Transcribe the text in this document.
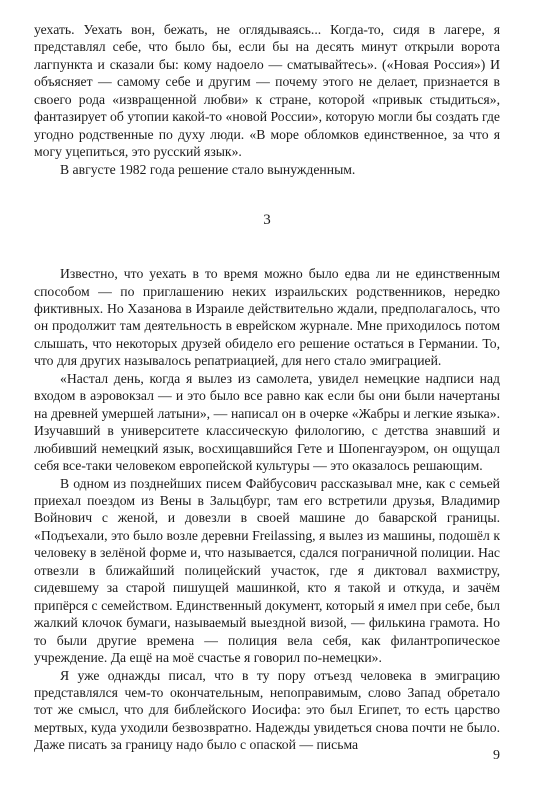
уехать. Уехать вон, бежать, не оглядываясь... Когда-то, сидя в лагере, я представлял себе, что было бы, если бы на десять минут открыли ворота лагпункта и сказали бы: кому надоело — сматывайтесь». («Новая Россия») И объясняет — самому себе и другим — почему этого не делает, признается в своего рода «извращенной любви» к стране, которой «привык стыдиться», фантазирует об утопии какой-то «новой России», которую могли бы создать где угодно родственные по духу люди. «В море обломков единственное, за что я могу уцепиться, это русский язык».

В августе 1982 года решение стало вынужденным.

3

Известно, что уехать в то время можно было едва ли не единственным способом — по приглашению неких израильских родственников, нередко фиктивных. Но Хазанова в Израиле действительно ждали, предполагалось, что он продолжит там деятельность в еврейском журнале. Мне приходилось потом слышать, что некоторых друзей обидело его решение остаться в Германии. То, что для других называлось репатриацией, для него стало эмиграцией.

«Настал день, когда я вылез из самолета, увидел немецкие надписи над входом в аэровокзал — и это было все равно как если бы они были начертаны на древней умершей латыни», — написал он в очерке «Жабры и легкие языка». Изучавший в университете классическую филологию, с детства знавший и любивший немецкий язык, восхищавшийся Гете и Шопенгауэром, он ощущал себя все-таки человеком европейской культуры — это оказалось решающим.

В одном из позднейших писем Файбусович рассказывал мне, как с семьей приехал поездом из Вены в Зальцбург, там его встретили друзья, Владимир Войнович с женой, и довезли в своей машине до баварской границы. «Подъехали, это было возле деревни Freilassing, я вылез из машины, подошёл к человеку в зелёной форме и, что называется, сдался пограничной полиции. Нас отвезли в ближайший полицейский участок, где я диктовал вахмистру, сидевшему за старой пишущей машинкой, кто я такой и откуда, и зачём припёрся с семейством. Единственный документ, который я имел при себе, был жалкий клочок бумаги, называемый выездной визой, — филькина грамота. Но то были другие времена — полиция вела себя, как филантропическое учреждение. Да ещё на моё счастье я говорил по-немецки».

Я уже однажды писал, что в ту пору отъезд человека в эмиграцию представлялся чем-то окончательным, непоправимым, слово Запад обретало тот же смысл, что для библейского Иосифа: это был Египет, то есть царство мертвых, куда уходили безвозвратно. Надежды увидеться снова почти не было. Даже писать за границу надо было с опаской — письма

9
